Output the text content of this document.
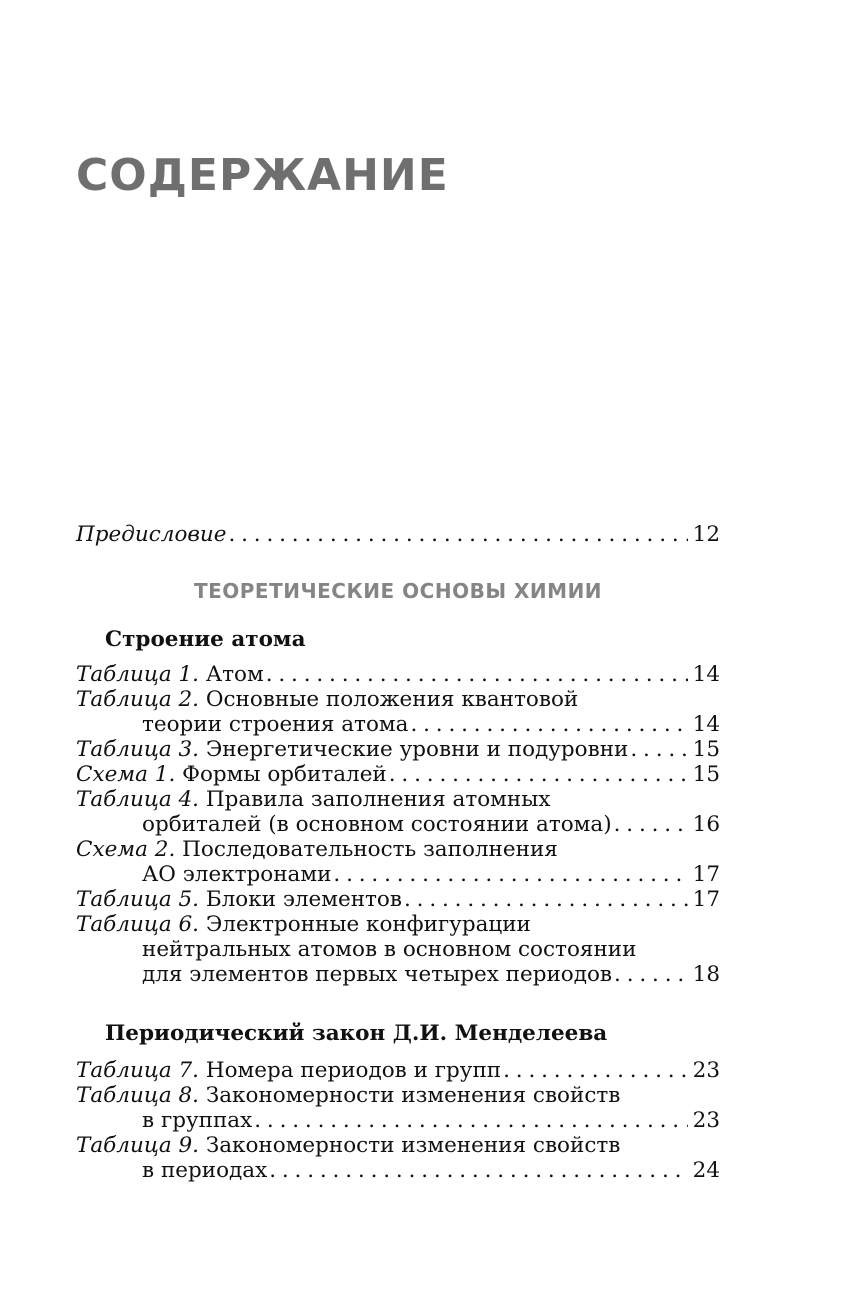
СОДЕРЖАНИЕ
Предисловие . . .	12
ТЕОРЕТИЧЕСКИЕ ОСНОВЫ ХИМИИ
Строение атома
Таблица 1. Атом . . .	14
Таблица 2. Основные положения квантовой
теории строения атома . . .	14
Таблица 3. Энергетические уровни и подуровни . . .	15
Схема 1. Формы орбиталей . . .	15
Таблица 4. Правила заполнения атомных
орбиталей (в основном состоянии атома) . . .	16
Схема 2. Последовательность заполнения
АО электронами . . .	17
Таблица 5. Блоки элементов . . .	17
Таблица 6. Электронные конфигурации
нейтральных атомов в основном состоянии
для элементов первых четырех периодов . . .	18
Периодический закон Д.И. Менделеева
Таблица 7. Номера периодов и групп . . .	23
Таблица 8. Закономерности изменения свойств
в группах . . .	23
Таблица 9. Закономерности изменения свойств
в периодах . . .	24
